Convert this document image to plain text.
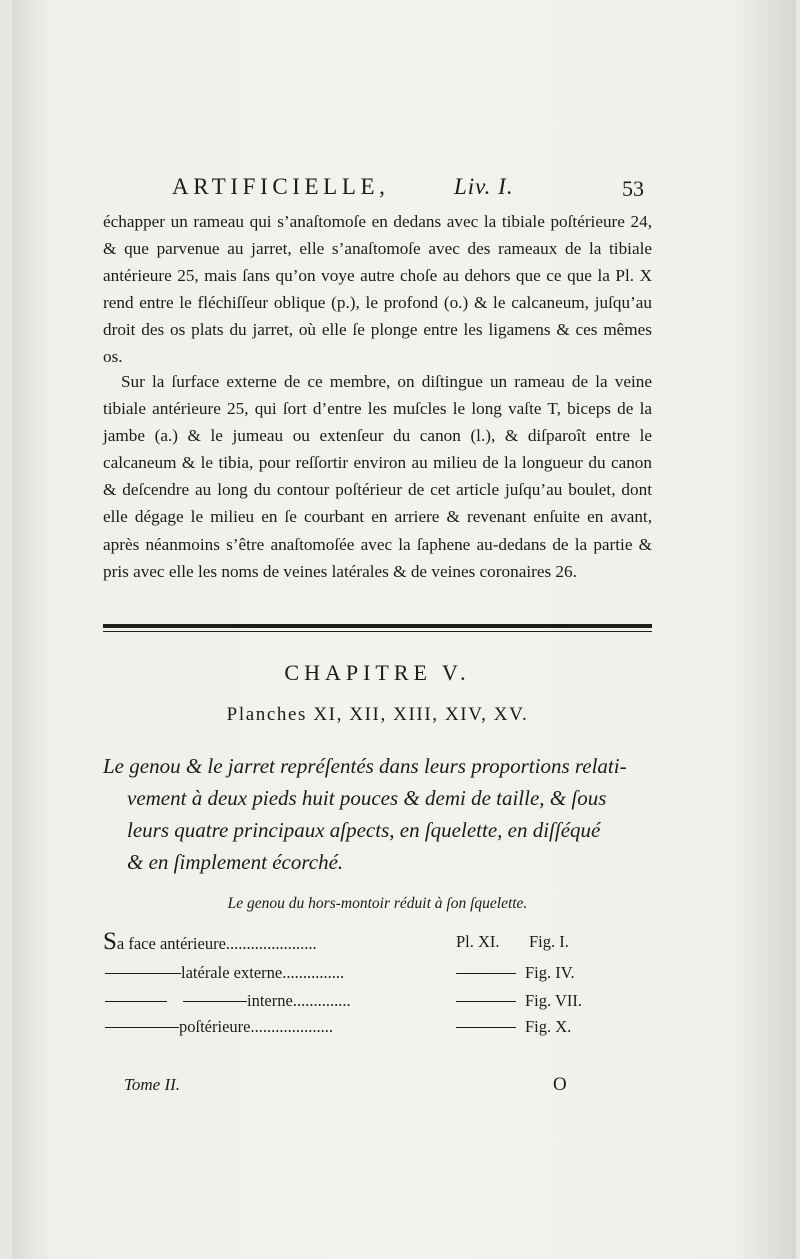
ARTIFICIELLE,	Liv. I.	53

échapper un rameau qui s’anaſtomoſe en dedans avec la tibiale poſtérieure 24, & que parvenue au jarret, elle s’anaſtomoſe avec des rameaux de la tibiale antérieure 25, mais ſans qu’on voye autre choſe au dehors que ce que la Pl. X rend entre le fléchiſſeur oblique (p.), le profond (o.) & le calcaneum, juſqu’au droit des os plats du jarret, où elle ſe plonge entre les ligamens & ces mêmes os.

Sur la ſurface externe de ce membre, on diſtingue un rameau de la veine tibiale antérieure 25, qui ſort d’entre les muſcles le long vaſte T, biceps de la jambe (a.) & le jumeau ou extenſeur du canon (l.), & diſparoît entre le calcaneum & le tibia, pour reſſortir environ au milieu de la longueur du canon & deſcendre au long du contour poſtérieur de cet article juſqu’au boulet, dont elle dégage le milieu en ſe courbant en arriere & revenant enſuite en avant, après néanmoins s’être anaſtomoſée avec la ſaphene au-dedans de la partie & pris avec elle les noms de veines latérales & de veines coronaires 26.

CHAPITRE V.
Planches XI, XII, XIII, XIV, XV.

Le genou & le jarret repréſentés dans leurs proportions relati-
vement à deux pieds huit pouces & demi de taille, & ſous
leurs quatre principaux aſpects, en ſquelette, en diſſéqué
& en ſimplement écorché.

Le genou du hors-montoir réduit à ſon ſquelette.
Sa face antérieure......................	Pl. XI. Fig. I.
latérale externe...............	Fig. IV.
interne..............	Fig. VII.
poſtérieure....................	Fig. X.
Tome II.	O
